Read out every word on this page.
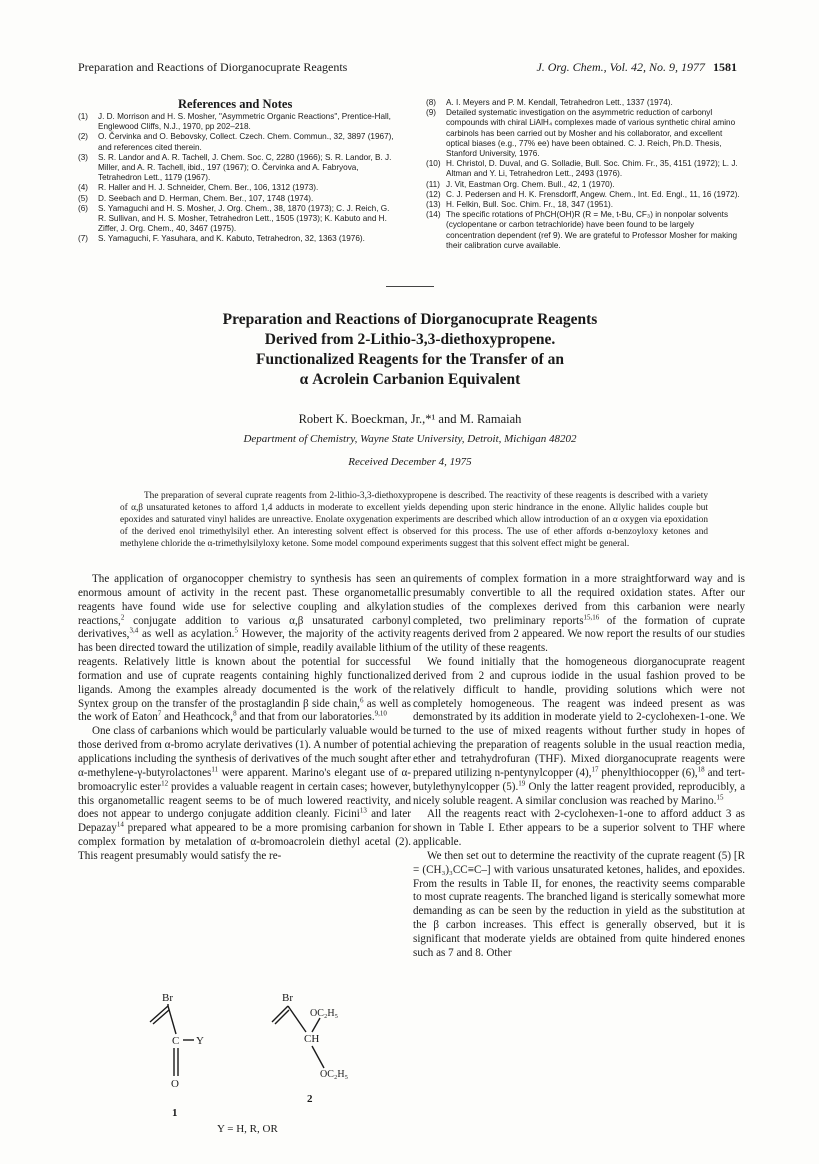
Preparation and Reactions of Diorganocuprate Reagents	J. Org. Chem., Vol. 42, No. 9, 1977 1581
References and Notes

(1) J. D. Morrison and H. S. Mosher, "Asymmetric Organic Reactions", Prentice-Hall, Englewood Cliffs, N.J., 1970, pp 202–218.

(2) O. Červinka and O. Bebovsky, Collect. Czech. Chem. Commun., 32, 3897 (1967), and references cited therein.

(3) S. R. Landor and A. R. Tachell, J. Chem. Soc. C, 2280 (1966); S. R. Landor, B. J. Miller, and A. R. Tachell, ibid., 197 (1967); O. Červinka and A. Fabryova, Tetrahedron Lett., 1179 (1967).

(4) R. Haller and H. J. Schneider, Chem. Ber., 106, 1312 (1973).

(5) D. Seebach and D. Herman, Chem. Ber., 107, 1748 (1974).

(6) S. Yamaguchi and H. S. Mosher, J. Org. Chem., 38, 1870 (1973); C. J. Reich, G. R. Sullivan, and H. S. Mosher, Tetrahedron Lett., 1505 (1973); K. Kabuto and H. Ziffer, J. Org. Chem., 40, 3467 (1975).

(7) S. Yamaguchi, F. Yasuhara, and K. Kabuto, Tetrahedron, 32, 1363 (1976).

(8) A. I. Meyers and P. M. Kendall, Tetrahedron Lett., 1337 (1974).

(9) Detailed systematic investigation on the asymmetric reduction of carbonyl compounds with chiral LiAlH₄ complexes made of various synthetic chiral amino carbinols has been carried out by Mosher and his collaborator, and excellent optical biases (e.g., 77% ee) have been obtained. C. J. Reich, Ph.D. Thesis, Stanford University, 1976.

(10) H. Christol, D. Duval, and G. Solladie, Bull. Soc. Chim. Fr., 35, 4151 (1972); L. J. Altman and Y. Li, Tetrahedron Lett., 2493 (1976).

(11) J. Vit, Eastman Org. Chem. Bull., 42, 1 (1970).

(12) C. J. Pedersen and H. K. Frensdorff, Angew. Chem., Int. Ed. Engl., 11, 16 (1972).

(13) H. Felkin, Bull. Soc. Chim. Fr., 18, 347 (1951).

(14) The specific rotations of PhCH(OH)R (R = Me, t-Bu, CF₃) in nonpolar solvents (cyclopentane or carbon tetrachloride) have been found to be largely concentration dependent (ref 9). We are grateful to Professor Mosher for making their calibration curve available.

Preparation and Reactions of Diorganocuprate Reagents
Derived from 2-Lithio-3,3-diethoxypropene.
Functionalized Reagents for the Transfer of an
α Acrolein Carbanion Equivalent
Robert K. Boeckman, Jr.,*¹ and M. Ramaiah
Department of Chemistry, Wayne State University, Detroit, Michigan 48202
Received December 4, 1975
The preparation of several cuprate reagents from 2-lithio-3,3-diethoxypropene is described. The reactivity of these reagents is described with a variety of α,β unsaturated ketones to afford 1,4 adducts in moderate to excellent yields depending upon steric hindrance in the enone. Allylic halides couple but epoxides and saturated vinyl halides are unreactive. Enolate oxygenation experiments are described which allow introduction of an α oxygen via epoxidation of the derived enol trimethylsilyl ether. An interesting solvent effect is observed for this process. The use of ether affords α-benzoyloxy ketones and methylene chloride the α-trimethylsilyloxy ketone. Some model compound experiments suggest that this solvent effect might be general.

The application of organocopper chemistry to synthesis has seen an enormous amount of activity in the recent past. These organometallic reagents have found wide use for selective coupling and alkylation reactions,$^2$ conjugate addition to various α,β unsaturated carbonyl derivatives,$^{3,4}$ as well as acylation.$^5$ However, the majority of the activity has been directed toward the utilization of simple, readily available lithium reagents. Relatively little is known about the potential for successful formation and use of cuprate reagents containing highly functionalized ligands. Among the examples already documented is the work of the Syntex group on the transfer of the prostaglandin β side chain,$^6$ as well as the work of Eaton$^7$ and Heathcock,$^8$ and that from our laboratories.$^{9,10}$

One class of carbanions which would be particularly valuable would be those derived from α-bromo acrylate derivatives (1). A number of potential applications including the synthesis of derivatives of the much sought after α-methylene-γ-butyrolactones$^{11}$ were apparent. Marino's elegant use of α-bromoacrylic ester$^{12}$ provides a valuable reagent in certain cases; however, this organometallic reagent seems to be of much lowered reactivity, and does not appear to undergo conjugate addition cleanly. Ficini$^{13}$ and later Depazay$^{14}$ prepared what appeared to be a more promising carbanion for complex formation by metalation of α-bromoacrolein diethyl acetal (2). This reagent presumably would satisfy the re-

Br
C Y
O
1
Br
OC₂H₅
CH
OC₂H₅
2
Y = H, R, OR

quirements of complex formation in a more straightforward way and is presumably convertible to all the required oxidation states. After our studies of the complexes derived from this carbanion were nearly completed, two preliminary reports$^{15,16}$ of the formation of cuprate reagents derived from 2 appeared. We now report the results of our studies of the utility of these reagents.

We found initially that the homogeneous diorganocuprate reagent derived from 2 and cuprous iodide in the usual fashion proved to be relatively difficult to handle, providing solutions which were not completely homogeneous. The reagent was indeed present as was demonstrated by its addition in moderate yield to 2-cyclohexen-1-one. We turned to the use of mixed reagents without further study in hopes of achieving the preparation of reagents soluble in the usual reaction media, ether and tetrahydrofuran (THF). Mixed diorganocuprate reagents were prepared utilizing n-pentynylcopper (4),$^{17}$ phenylthiocopper (6),$^{18}$ and tert-butylethynylcopper (5).$^{19}$ Only the latter reagent provided, reproducibly, a nicely soluble reagent. A similar conclusion was reached by Marino.$^{15}$

All the reagents react with 2-cyclohexen-1-one to afford adduct 3 as shown in Table I. Ether appears to be a superior solvent to THF where applicable.

We then set out to determine the reactivity of the cuprate reagent (5) [R = (CH₃)₃CC≡C–] with various unsaturated ketones, halides, and epoxides. From the results in Table II, for enones, the reactivity seems comparable to most cuprate reagents. The branched ligand is sterically somewhat more demanding as can be seen by the reduction in yield as the substitution at the β carbon increases. This effect is generally observed, but it is significant that moderate yields are obtained from quite hindered enones such as 7 and 8. Other
